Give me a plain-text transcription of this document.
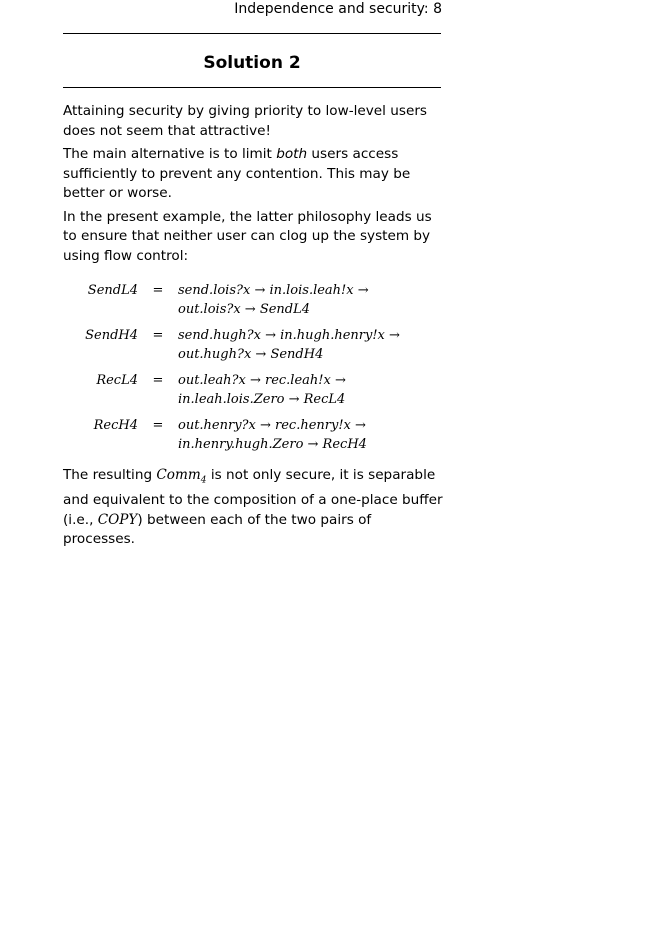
Independence and security: 8
Solution 2

Attaining security by giving priority to low-level users does not seem that attractive!

The main alternative is to limit both users access sufficiently to prevent any contention. This may be better or worse.

In the present example, the latter philosophy leads us to ensure that neither user can clog up the system by using flow control:

SendL4	=	send.lois?x → in.lois.leah!x →
out.lois?x → SendL4
SendH4	=	send.hugh?x → in.hugh.henry!x →
out.hugh?x → SendH4
RecL4	=	out.leah?x → rec.leah!x →
in.leah.lois.Zero → RecL4
RecH4	=	out.henry?x → rec.henry!x →
in.henry.hugh.Zero → RecH4

The resulting Comm$_4$ is not only secure, it is separable and equivalent to the composition of a one-place buffer (i.e., COPY) between each of the two pairs of processes.
